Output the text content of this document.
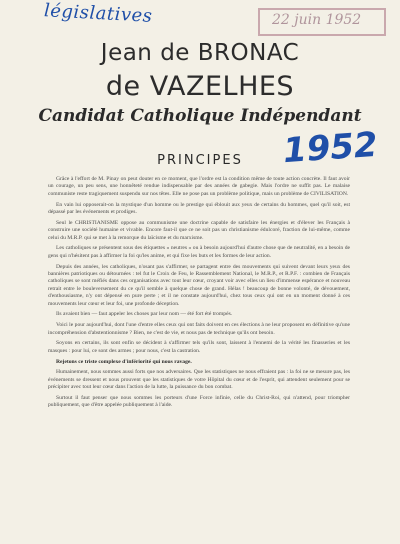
législatives	22 juin 1952
Jean de BRONAC
de VAZELHES
Candidat Catholique Indépendant
1952
PRINCIPES

Grâce à l'effort de M. Pinay on peut douter en ce moment, que l'ordre est la condition même de toute action concrète. Il faut avoir un courage, un peu sens, une honnêteté rendue indispensable par des années de gabegie. Mais l'ordre ne suffit pas. Le malaise communiste reste tragiquement suspendu sur nos têtes. Elle ne pose pas un problème politique, mais un problème de CIVILISATION.

En vain lui opposerait-on la mystique d'un homme ou le prestige qui éblouit aux yeux de certains du hommes, quel qu'il soit, est dépassé par les événements et prodiges.

Seul le CHRISTIANISME oppose au communisme une doctrine capable de satisfaire les énergies et d'élever les Français à construire une société humaine et vivable. Encore faut-il que ce ne soit pas un christianisme édulcoré, fraction de lui-même, comme celui du M.R.P. qui se met à la remorque du laïcisme et du marxisme.

Les catholiques se présentent sous des étiquettes « neutres » ou à besoin aujourd'hui d'autre chose que de neutralité, en a besoin de gens qui n'hésitent pas à affirmer la foi qu'les anime, et qui fixe les buts et les formes de leur action.

Depuis des années, les catholiques, n'osant pas s'affirmer, se partagent entre des mouvements qui suivent devant leurs yeux des bannières patriotiques ou détournées : tel fut le Croix de Feu, le Rassemblement National, le M.R.P., et R.P.F. : combien de Français catholiques se sont méfiés dans ces organisations avec tout leur cœur, croyant voir avec elles un lieu d'immense espérance et nouveau retrait entre le bouleversement du ce qu'il semble à quelque chose de grand. Hélas ! beaucoup de bonne volonté, de dévouement, d'enthousiasme, n'y ont dépensé en pure perte ; et il ne constate aujourd'hui, chez tous ceux qui ont en un moment donné à ces mouvements leur cœur et leur foi, une profonde déception.

Ils avaient bien — faut appeler les choses par leur nom — été fort été trompés.

Voici le pour aujourd'hui, dont l'une d'entre elles ceux qui ont faits doivent en ces élections à ne leur proposent en définitive qu'une incompréhension d'abstentionnisme ? Bien, ne c'est de vie, et nous pas de technique qu'ils ont besoin.

Soyons en certains, ils sont enfin se décident à s'affirmer tels qu'ils sont, laissent à l'ennemi de la vérité les finasseries et les masques : pour lui, ce sont des armes ; pour nous, c'est la castration.

Rejetons ce triste complexe d'infériorité qui nous ravage.

Humainement, nous sommes aussi forts que nos adversaires. Que les statistiques ne nous effraient pas : la foi ne se mesure pas, les événements se dressent et nous prouvent que les statistiques de votre Hôpital du cœur et de l'esprit, qui attendent seulement pour se précipiter avec tout leur cœur dans l'action de la lutte, la puissance du bon combat.

Surtout il faut penser que nous sommes les porteurs d'une Force infinie, celle du Christ-Roi, qui n'attend, pour triompher publiquement, que d'être appelée publiquement à l'aide.
